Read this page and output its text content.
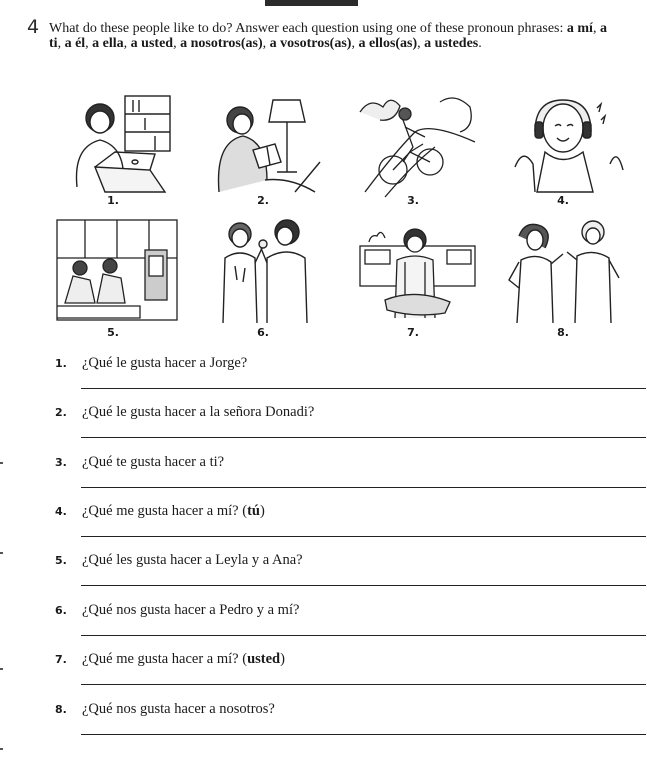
4 What do these people like to do? Answer each question using one of these pronoun phrases: a mí, a ti, a él, a ella, a usted, a nosotros(as), a vosotros(as), a ellos(as), a ustedes.
1.	2.	3.	4.
5.	6.	7.	8.
1. ¿Qué le gusta hacer a Jorge?
2. ¿Qué le gusta hacer a la señora Donadi?
3. ¿Qué te gusta hacer a ti?
4. ¿Qué me gusta hacer a mí? (tú)
5. ¿Qué les gusta hacer a Leyla y a Ana?
6. ¿Qué nos gusta hacer a Pedro y a mí?
7. ¿Qué me gusta hacer a mí? (usted)
8. ¿Qué nos gusta hacer a nosotros?
